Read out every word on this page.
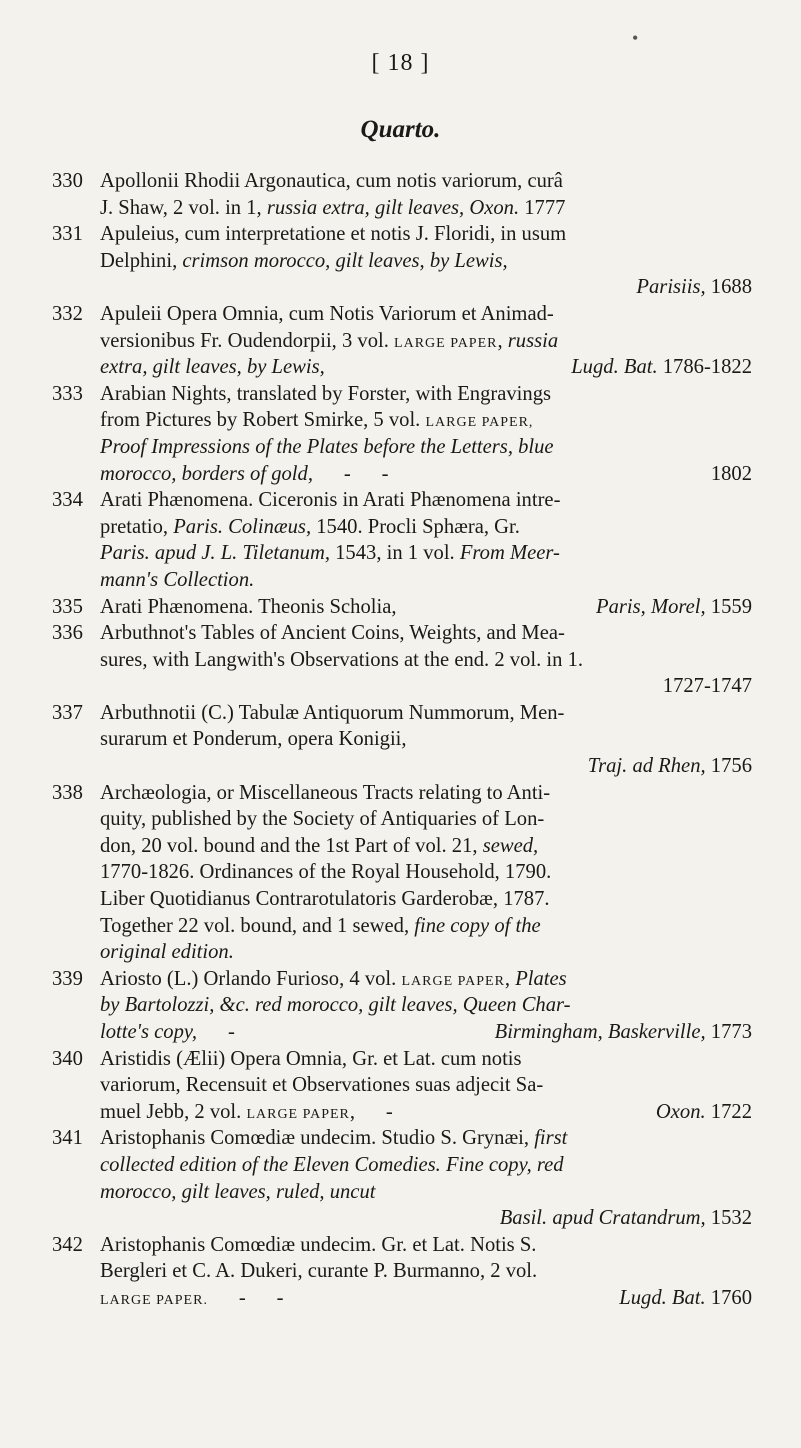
[ 18 ]
Quarto.
•
330 Apollonii Rhodii Argonautica, cum notis variorum, curâ
J. Shaw, 2 vol. in 1, russia extra, gilt leaves, Oxon. 1777
331 Apuleius, cum interpretatione et notis J. Floridi, in usum
Delphini, crimson morocco, gilt leaves, by Lewis,
Parisiis, 1688
332 Apuleii Opera Omnia, cum Notis Variorum et Animad-
versionibus Fr. Oudendorpii, 3 vol. LARGE PAPER, russia
extra, gilt leaves, by Lewis,	Lugd. Bat. 1786-1822
333 Arabian Nights, translated by Forster, with Engravings
from Pictures by Robert Smirke, 5 vol. LARGE PAPER,
Proof Impressions of the Plates before the Letters, blue
morocco, borders of gold,      -      -	1802
334 Arati Phænomena. Ciceronis in Arati Phænomena intre-
pretatio, Paris. Colinæus, 1540. Procli Sphæra, Gr.
Paris. apud J. L. Tiletanum, 1543, in 1 vol. From Meer-
mann's Collection.
335 Arati Phænomena. Theonis Scholia,	Paris, Morel, 1559
336 Arbuthnot's Tables of Ancient Coins, Weights, and Mea-
sures, with Langwith's Observations at the end. 2 vol. in 1.
1727-1747
337 Arbuthnotii (C.) Tabulæ Antiquorum Nummorum, Men-
surarum et Ponderum, opera Konigii,
Traj. ad Rhen, 1756
338 Archæologia, or Miscellaneous Tracts relating to Anti-
quity, published by the Society of Antiquaries of Lon-
don, 20 vol. bound and the 1st Part of vol. 21, sewed,
1770-1826. Ordinances of the Royal Household, 1790.
Liber Quotidianus Contrarotulatoris Garderobæ, 1787.
Together 22 vol. bound, and 1 sewed, fine copy of the
original edition.
339 Ariosto (L.) Orlando Furioso, 4 vol. LARGE PAPER, Plates
by Bartolozzi, &c. red morocco, gilt leaves, Queen Char-
lotte's copy,      -	Birmingham, Baskerville, 1773
340 Aristidis (Ælii) Opera Omnia, Gr. et Lat. cum notis
variorum, Recensuit et Observationes suas adjecit Sa-
muel Jebb, 2 vol. LARGE PAPER,      -	Oxon. 1722
341 Aristophanis Comœdiæ undecim. Studio S. Grynæi, first
collected edition of the Eleven Comedies. Fine copy, red
morocco, gilt leaves, ruled, uncut
Basil. apud Cratandrum, 1532
342 Aristophanis Comœdiæ undecim. Gr. et Lat. Notis S.
Bergleri et C. A. Dukeri, curante P. Burmanno, 2 vol.
LARGE PAPER.      -      -	Lugd. Bat. 1760
